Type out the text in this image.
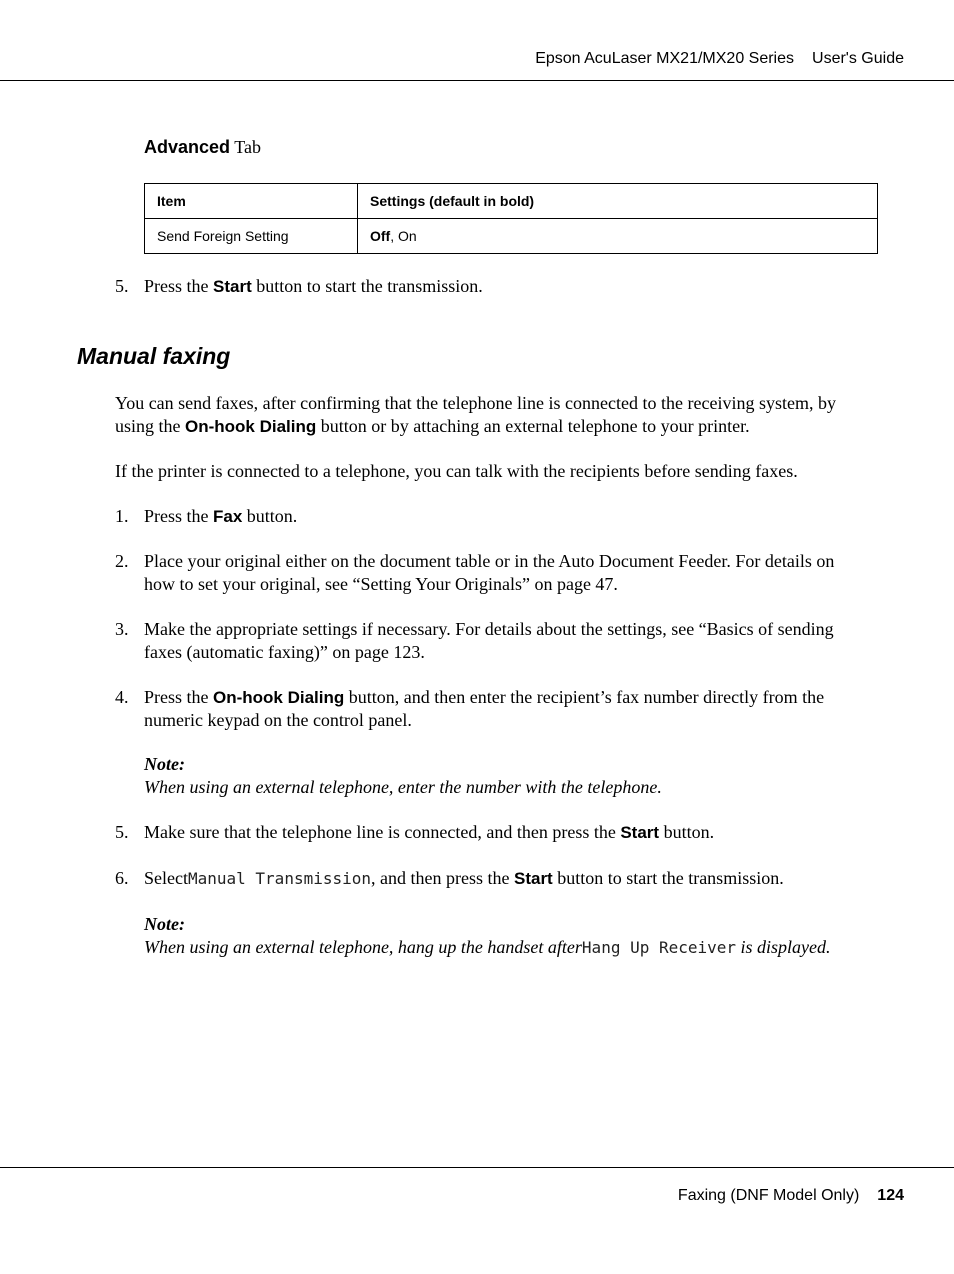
Epson AcuLaser MX21/MX20 Series User's Guide
Advanced Tab
Item	Settings (default in bold)
Send Foreign Setting	Off, On
5. Press the Start button to start the transmission.
Manual faxing
You can send faxes, after confirming that the telephone line is connected to the receiving system, by
using the On-hook Dialing button or by attaching an external telephone to your printer.
If the printer is connected to a telephone, you can talk with the recipients before sending faxes.
1. Press the Fax button.
2. Place your original either on the document table or in the Auto Document Feeder. For details on
how to set your original, see “Setting Your Originals” on page 47.
3. Make the appropriate settings if necessary. For details about the settings, see “Basics of sending
faxes (automatic faxing)” on page 123.
4. Press the On-hook Dialing button, and then enter the recipient’s fax number directly from the
numeric keypad on the control panel.
Note:
When using an external telephone, enter the number with the telephone.
5. Make sure that the telephone line is connected, and then press the Start button.
6. SelectManual Transmission, and then press the Start button to start the transmission.
Note:
When using an external telephone, hang up the handset afterHang Up Receiver is displayed.
Faxing (DNF Model Only) 124
